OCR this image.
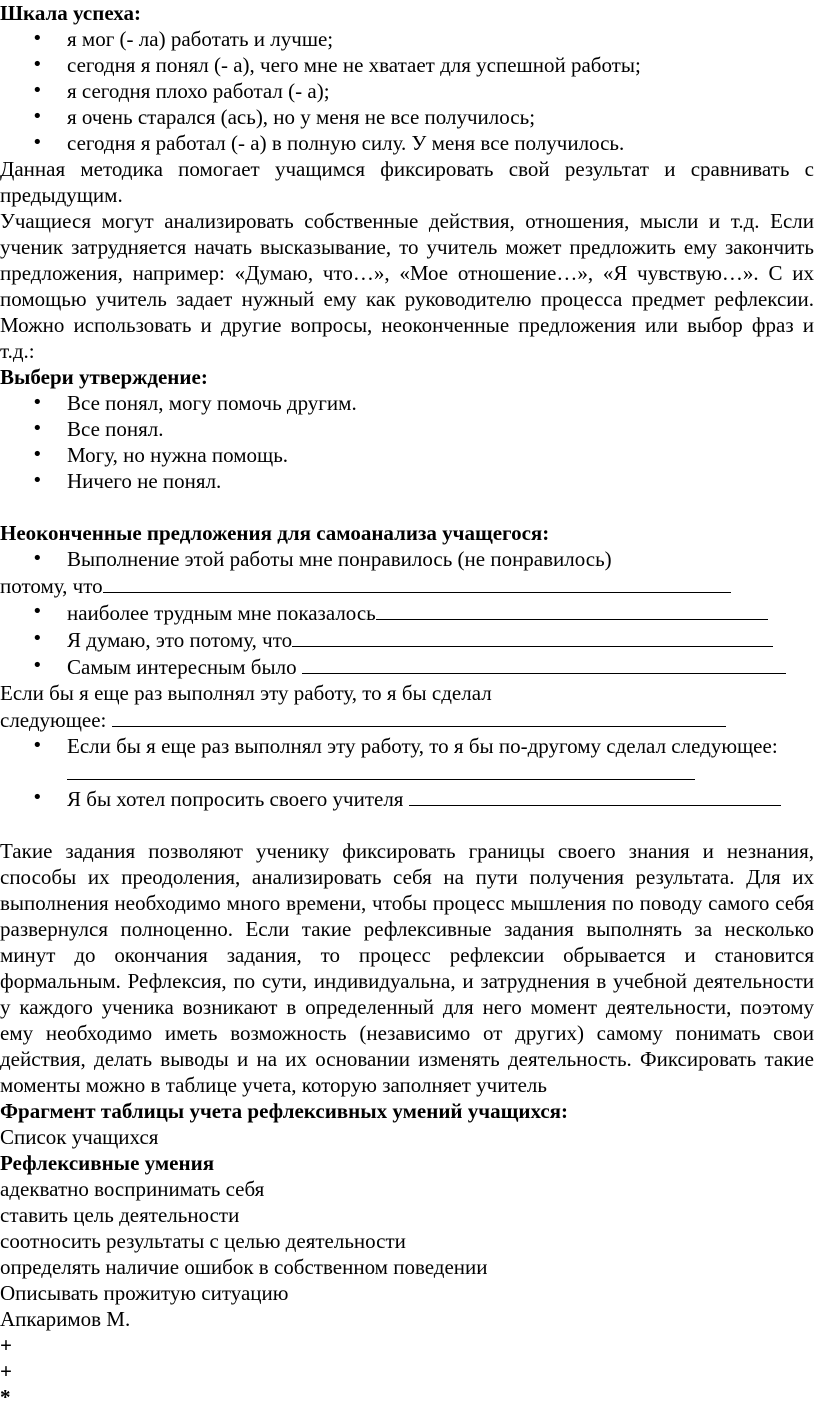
Шкала успеха:

• я мог (- ла) работать и лучше;
• сегодня я понял (- а), чего мне не хватает для успешной работы;
• я сегодня плохо работал (- а);
• я очень старался (ась), но у меня не все получилось;
• сегодня я работал (- а) в полную силу. У меня все получилось.

Данная методика помогает учащимся фиксировать свой результат и сравнивать с предыдущим.

Учащиеся могут анализировать собственные действия, отношения, мысли и т.д. Если ученик затрудняется начать высказывание, то учитель может предложить ему закончить предложения, например: «Думаю, что…», «Мое отношение…», «Я чувствую…». С их помощью учитель задает нужный ему как руководителю процесса предмет рефлексии. Можно использовать и другие вопросы, неоконченные предложения или выбор фраз и т.д.:

Выбери утверждение:

• Все понял, могу помочь другим.
• Все понял.
• Могу, но нужна помощь.
• Ничего не понял.

Неоконченные предложения для самоанализа учащегося:

• Выполнение этой работы мне понравилось (не понравилось)

потому, что

• наиболее трудным мне показалось
• Я думаю, это потому, что
• Самым интересным было

Если бы я еще раз выполнял эту работу, то я бы сделал

следующее:

• Если бы я еще раз выполнял эту работу, то я бы по-другому сделал следующее:
• Я бы хотел попросить своего учителя

Такие задания позволяют ученику фиксировать границы своего знания и незнания, способы их преодоления, анализировать себя на пути получения результата. Для их выполнения необходимо много времени, чтобы процесс мышления по поводу самого себя развернулся полноценно. Если такие рефлексивные задания выполнять за несколько минут до окончания задания, то процесс рефлексии обрывается и становится формальным. Рефлексия, по сути, индивидуальна, и затруднения в учебной деятельности у каждого ученика возникают в определенный для него момент деятельности, поэтому ему необходимо иметь возможность (независимо от других) самому понимать свои действия, делать выводы и на их основании изменять деятельность. Фиксировать такие моменты можно в таблице учета, которую заполняет учитель

Фрагмент таблицы учета рефлексивных умений учащихся:

Список учащихся

Рефлексивные умения

адекватно воспринимать себя

ставить цель деятельности

соотносить результаты с целью деятельности

определять наличие ошибок в собственном поведении

Описывать прожитую ситуацию

Апкаримов М.

+

+

*
